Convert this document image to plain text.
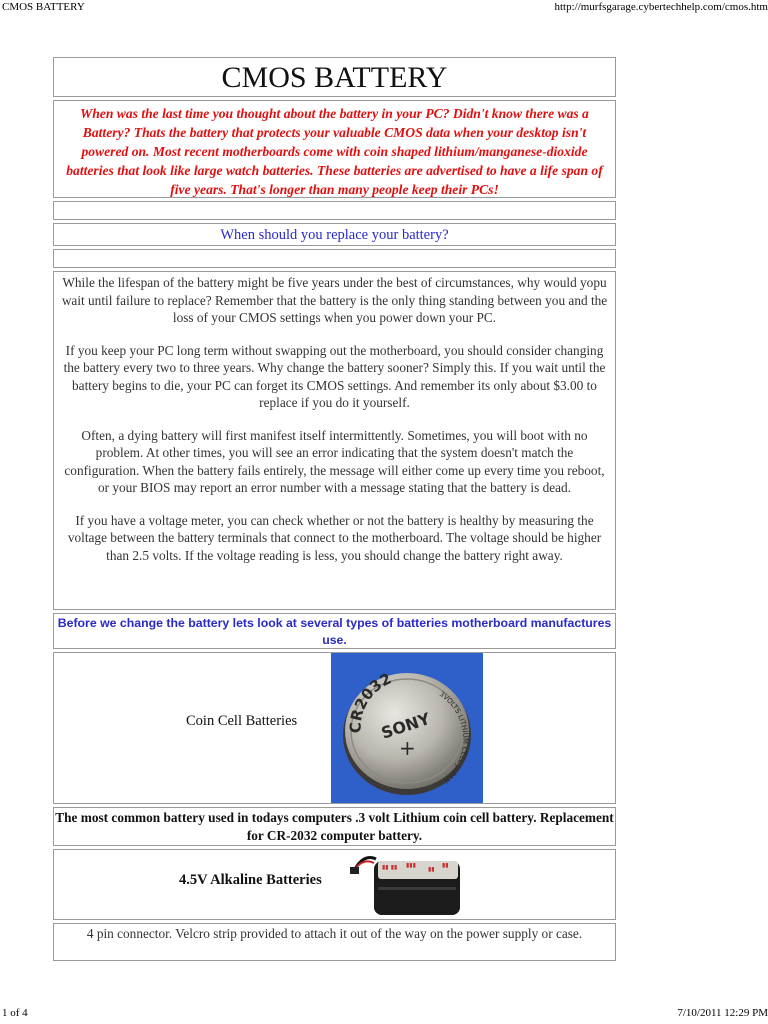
CMOS BATTERY	http://murfsgarage.cybertechhelp.com/cmos.htm
CMOS BATTERY
When was the last time you thought about the battery in your PC? Didn't know there was a Battery? Thats the battery that protects your valuable CMOS data when your desktop isn't powered on. Most recent motherboards come with coin shaped lithium/manganese-dioxide batteries that look like large watch batteries. These batteries are advertised to have a life span of five years. That's longer than many people keep their PCs!
When should you replace your battery?

While the lifespan of the battery might be five years under the best of circumstances, why would yopu wait until failure to replace? Remember that the battery is the only thing standing between you and the loss of your CMOS settings when you power down your PC.

If you keep your PC long term without swapping out the motherboard, you should consider changing the battery every two to three years. Why change the battery sooner? Simply this. If you wait until the battery begins to die, your PC can forget its CMOS settings. And remember its only about $3.00 to replace if you do it yourself.

Often, a dying battery will first manifest itself intermittently. Sometimes, you will boot with no problem. At other times, you will see an error indicating that the system doesn't match the configuration. When the battery fails entirely, the message will either come up every time you reboot, or your BIOS may report an error number with a message stating that the battery is dead.

If you have a voltage meter, you can check whether or not the battery is healthy by measuring the voltage between the battery terminals that connect to the motherboard. The voltage should be higher than 2.5 volts. If the voltage reading is less, you should change the battery right away.

Before we change the battery lets look at several types of batteries motherboard manufactures use.
Coin Cell Batteries	CR2032
SONY
+
3VOLTS LITHIUM CELL JAPAN
The most common battery used in todays computers .3 volt Lithium coin cell battery. Replacement for CR-2032 computer battery.
4.5V Alkaline Batteries
▮▮ ▮▮ ▮▮▮
▮▮
▮▮
4 pin connector. Velcro strip provided to attach it out of the way on the power supply or case.
1 of 4	7/10/2011 12:29 PM
